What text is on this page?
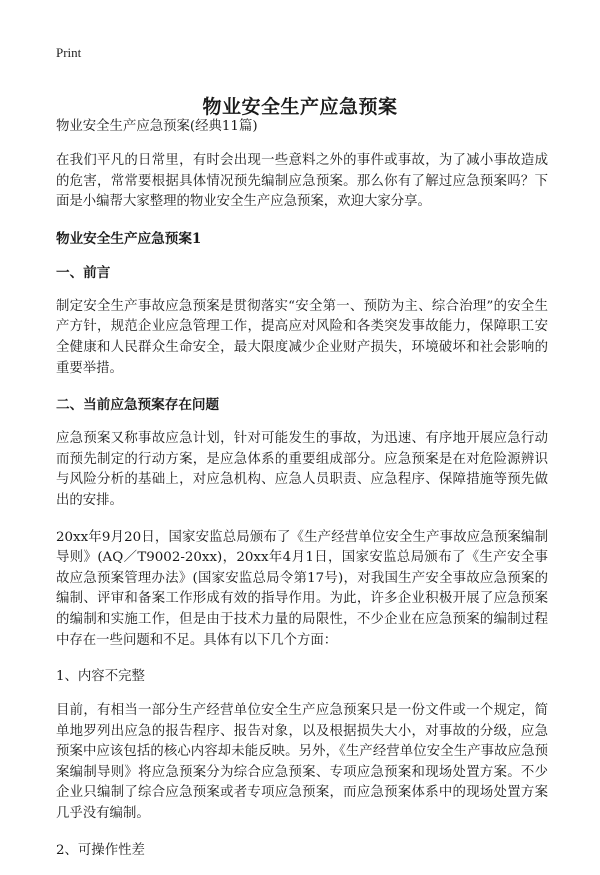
Print
物业安全生产应急预案

物业安全生产应急预案(经典11篇)

在我们平凡的日常里，有时会出现一些意料之外的事件或事故，为了减小事故造成的危害，常常要根据具体情况预先编制应急预案。那么你有了解过应急预案吗？下面是小编帮大家整理的物业安全生产应急预案，欢迎大家分享。

物业安全生产应急预案1
一、前言

制定安全生产事故应急预案是贯彻落实“安全第一、预防为主、综合治理”的安全生产方针，规范企业应急管理工作，提高应对风险和各类突发事故能力，保障职工安全健康和人民群众生命安全，最大限度减少企业财产损失，环境破坏和社会影响的重要举措。

二、当前应急预案存在问题

应急预案又称事故应急计划，针对可能发生的事故，为迅速、有序地开展应急行动而预先制定的行动方案，是应急体系的重要组成部分。应急预案是在对危险源辨识与风险分析的基础上，对应急机构、应急人员职责、应急程序、保障措施等预先做出的安排。

20xx年9月20日，国家安监总局颁布了《生产经营单位安全生产事故应急预案编制导则》(AQ／T9002-20xx)，20xx年4月1日，国家安监总局颁布了《生产安全事故应急预案管理办法》(国家安监总局令第17号)，对我国生产安全事故应急预案的编制、评审和备案工作形成有效的指导作用。为此，许多企业积极开展了应急预案的编制和实施工作，但是由于技术力量的局限性，不少企业在应急预案的编制过程中存在一些问题和不足。具体有以下几个方面：

1、内容不完整

目前，有相当一部分生产经营单位安全生产应急预案只是一份文件或一个规定，简单地罗列出应急的报告程序、报告对象，以及根据损失大小，对事故的分级，应急预案中应该包括的核心内容却未能反映。另外，《生产经营单位安全生产事故应急预案编制导则》将应急预案分为综合应急预案、专项应急预案和现场处置方案。不少企业只编制了综合应急预案或者专项应急预案，而应急预案体系中的现场处置方案几乎没有编制。

2、可操作性差
